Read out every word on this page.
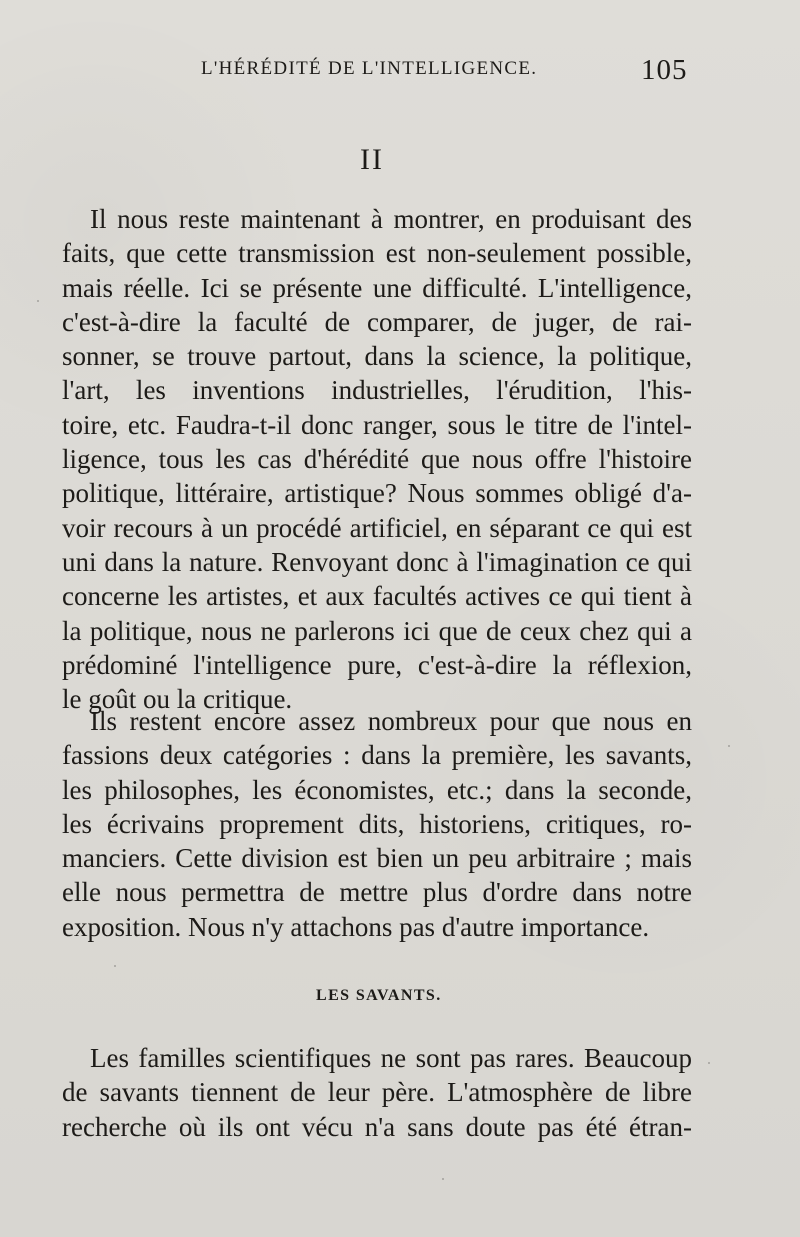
L'HÉRÉDITÉ DE L'INTELLIGENCE.	105
II
Il nous reste maintenant à montrer, en produisant des
faits, que cette transmission est non-seulement possible,
mais réelle. Ici se présente une difficulté. L'intelligence,
c'est-à-dire la faculté de comparer, de juger, de rai-
sonner, se trouve partout, dans la science, la politique,
l'art, les inventions industrielles, l'érudition, l'his-
toire, etc. Faudra-t-il donc ranger, sous le titre de l'intel-
ligence, tous les cas d'hérédité que nous offre l'histoire
politique, littéraire, artistique? Nous sommes obligé d'a-
voir recours à un procédé artificiel, en séparant ce qui est
uni dans la nature. Renvoyant donc à l'imagination ce qui
concerne les artistes, et aux facultés actives ce qui tient à
la politique, nous ne parlerons ici que de ceux chez qui a
prédominé l'intelligence pure, c'est-à-dire la réflexion,
le goût ou la critique.
Ils restent encore assez nombreux pour que nous en
fassions deux catégories : dans la première, les savants,
les philosophes, les économistes, etc.; dans la seconde,
les écrivains proprement dits, historiens, critiques, ro-
manciers. Cette division est bien un peu arbitraire ; mais
elle nous permettra de mettre plus d'ordre dans notre
exposition. Nous n'y attachons pas d'autre importance.
LES SAVANTS.
Les familles scientifiques ne sont pas rares. Beaucoup
de savants tiennent de leur père. L'atmosphère de libre
recherche où ils ont vécu n'a sans doute pas été étran-
